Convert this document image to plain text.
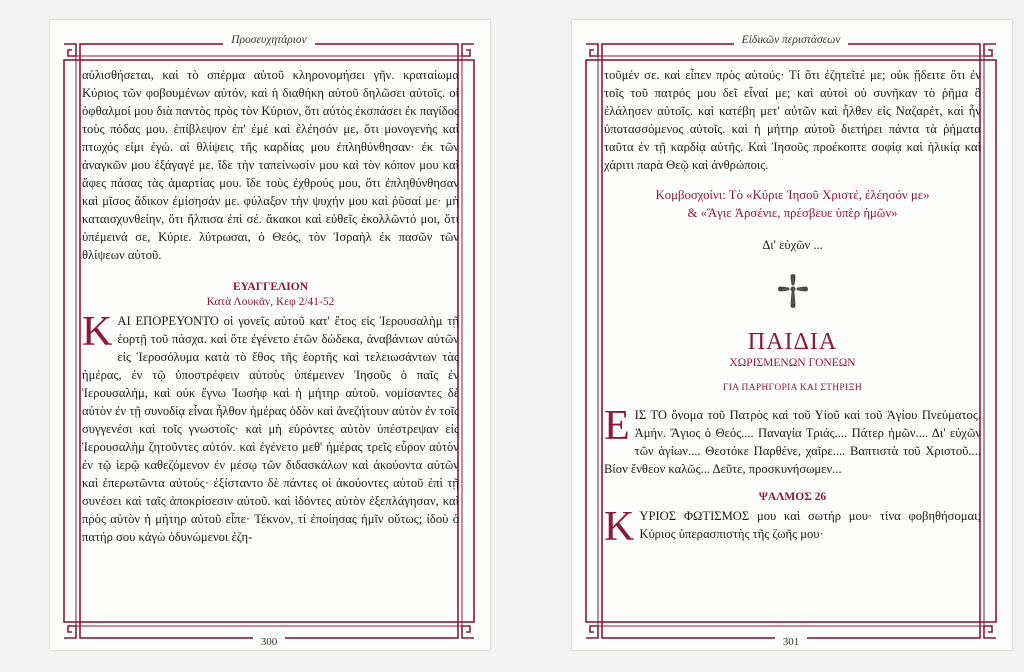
Προσευχητάριον
300

αὐλισθήσεται, καὶ τὸ σπέρμα αὐτοῦ κληρονομήσει γῆν. κραταίωμα Κύριος τῶν φοβουμένων αὐτόν, καὶ ἡ διαθήκη αὐτοῦ δηλῶσει αὐτοῖς. οἱ ὀφθαλμοί μου διὰ παντὸς πρὸς τὸν Κύριον, ὅτι αὐτὸς ἐκσπάσει ἐκ παγίδος τοὺς πόδας μου. ἐπίβλεψον ἐπ' ἐμὲ καὶ ἐλέησόν με, ὅτι μονογενὴς καὶ πτωχός εἰμι ἐγώ. αἱ θλίψεις τῆς καρδίας μου ἐπληθύνθησαν· ἐκ τῶν ἀναγκῶν μου ἐξάγαγέ με. ἴδε τὴν ταπείνωσίν μου καὶ τὸν κόπον μου καὶ ἄφες πάσας τὰς ἁμαρτίας μου. ἴδε τοὺς ἐχθρούς μου, ὅτι ἐπληθύνθησαν καὶ μῖσος ἄδικον ἐμίσησάν με. φύλαξον τὴν ψυχήν μου καὶ ῥῦσαί με· μὴ καταισχυνθείην, ὅτι ἤλπισα ἐπὶ σέ. ἄκακοι καὶ εὐθεῖς ἐκολλῶντό μοι, ὅτι ὑπέμεινά σε, Κύριε. λύτρωσαι, ὁ Θεός, τὸν Ἰσραὴλ ἐκ πασῶν τῶν θλίψεων αὐτοῦ.

ΕΥΑΓΓΕΛΙΟΝ
Κατὰ Λουκᾶν, Κεφ 2/41-52

ΚΑΙ ΕΠΟΡΕΥΟΝΤΟ οἱ γονεῖς αὐτοῦ κατ' ἔτος εἰς Ἱερουσαλὴμ τῇ ἑορτῇ τοῦ πάσχα. καὶ ὅτε ἐγένετο ἐτῶν δώδεκα, ἀναβάντων αὐτῶν εἰς Ἱεροσόλυμα κατὰ τὸ ἔθος τῆς ἑορτῆς καὶ τελειωσάντων τὰς ἡμέρας, ἐν τῷ ὑποστρέφειν αὐτοὺς ὑπέμεινεν Ἰησοῦς ὁ παῖς ἐν Ἱερουσαλήμ, καὶ οὐκ ἔγνω Ἰωσὴφ καὶ ἡ μήτηρ αὐτοῦ. νομίσαντες δὲ αὐτὸν ἐν τῇ συνοδίᾳ εἶναι ἦλθον ἡμέρας ὁδὸν καὶ ἀνεζήτουν αὐτὸν ἐν τοῖς συγγενέσι καὶ τοῖς γνωστοῖς· καὶ μὴ εὑρόντες αὐτὸν ὑπέστρεψαν εἰς Ἱερουσαλὴμ ζητοῦντες αὐτόν. καὶ ἐγένετο μεθ' ἡμέρας τρεῖς εὗρον αὐτὸν ἐν τῷ ἱερῷ καθεζόμενον ἐν μέσῳ τῶν διδασκάλων καὶ ἀκούοντα αὐτῶν καὶ ἐπερωτῶντα αὐτούς· ἐξίσταντο δὲ πάντες οἱ ἀκούοντες αὐτοῦ ἐπὶ τῇ συνέσει καὶ ταῖς ἀποκρίσεσιν αὐτοῦ. καὶ ἰδόντες αὐτὸν ἐξεπλάγησαν, καὶ πρὸς αὐτὸν ἡ μήτηρ αὐτοῦ εἶπε· Τέκνον, τί ἐποίησας ἡμῖν οὕτως; ἰδοὺ ὁ πατήρ σου κἀγὼ ὀδυνώμενοι ἐζη-

Εἰδικῶν περιστάσεων
301

τοῦμέν σε. καὶ εἶπεν πρὸς αὐτούς· Τί ὅτι ἐζητεῖτέ με; οὐκ ᾔδειτε ὅτι ἐν τοῖς τοῦ πατρός μου δεῖ εἶναί με; καὶ αὐτοὶ οὐ συνῆκαν τὸ ῥῆμα ὃ ἐλάλησεν αὐτοῖς. καὶ κατέβη μετ' αὐτῶν καὶ ἦλθεν εἰς Ναζαρέτ, καὶ ἦν ὑποτασσόμενος αὐτοῖς. καὶ ἡ μήτηρ αὐτοῦ διετήρει πάντα τὰ ῥήματα ταῦτα ἐν τῇ καρδίᾳ αὐτῆς. Καὶ Ἰησοῦς προέκοπτε σοφίᾳ καὶ ἡλικίᾳ καὶ χάριτι παρὰ Θεῷ καὶ ἀνθρώποις.

Κομβοσχοίνι: Τὸ «Κύριε Ἰησοῦ Χριστέ, ἐλέησόν με»
& «Ἅγιε Ἀρσένιε, πρέσβευε ὑπὲρ ἡμῶν»
Δι' εὐχῶν ...
ΠΑΙΔΙΑ
ΧΩΡΙΣΜΕΝΩΝ ΓΟΝΕΩΝ
ΓΙΑ ΠΑΡΗΓΟΡΙΑ ΚΑΙ ΣΤΗΡΙΞΗ

ΕΙΣ ΤΟ ὄνομα τοῦ Πατρὸς καὶ τοῦ Υἱοῦ καὶ τοῦ Ἁγίου Πνεύματος. Ἀμήν. Ἅγιος ὁ Θεός.... Παναγία Τριάς.... Πάτερ ἡμῶν.... Δι' εὐχῶν τῶν ἁγίων.... Θεοτόκε Παρθένε, χαῖρε.... Βαπτιστὰ τοῦ Χριστοῦ.... Βίον ἔνθεον καλῶς... Δεῦτε, προσκυνήσωμεν...

ΨΑΛΜΟΣ 26

ΚΥΡΙΟΣ ΦΩΤΙΣΜΟΣ μου καὶ σωτήρ μου· τίνα φοβηθήσομαι; Κύριος ὑπερασπιστὴς τῆς ζωῆς μου·
